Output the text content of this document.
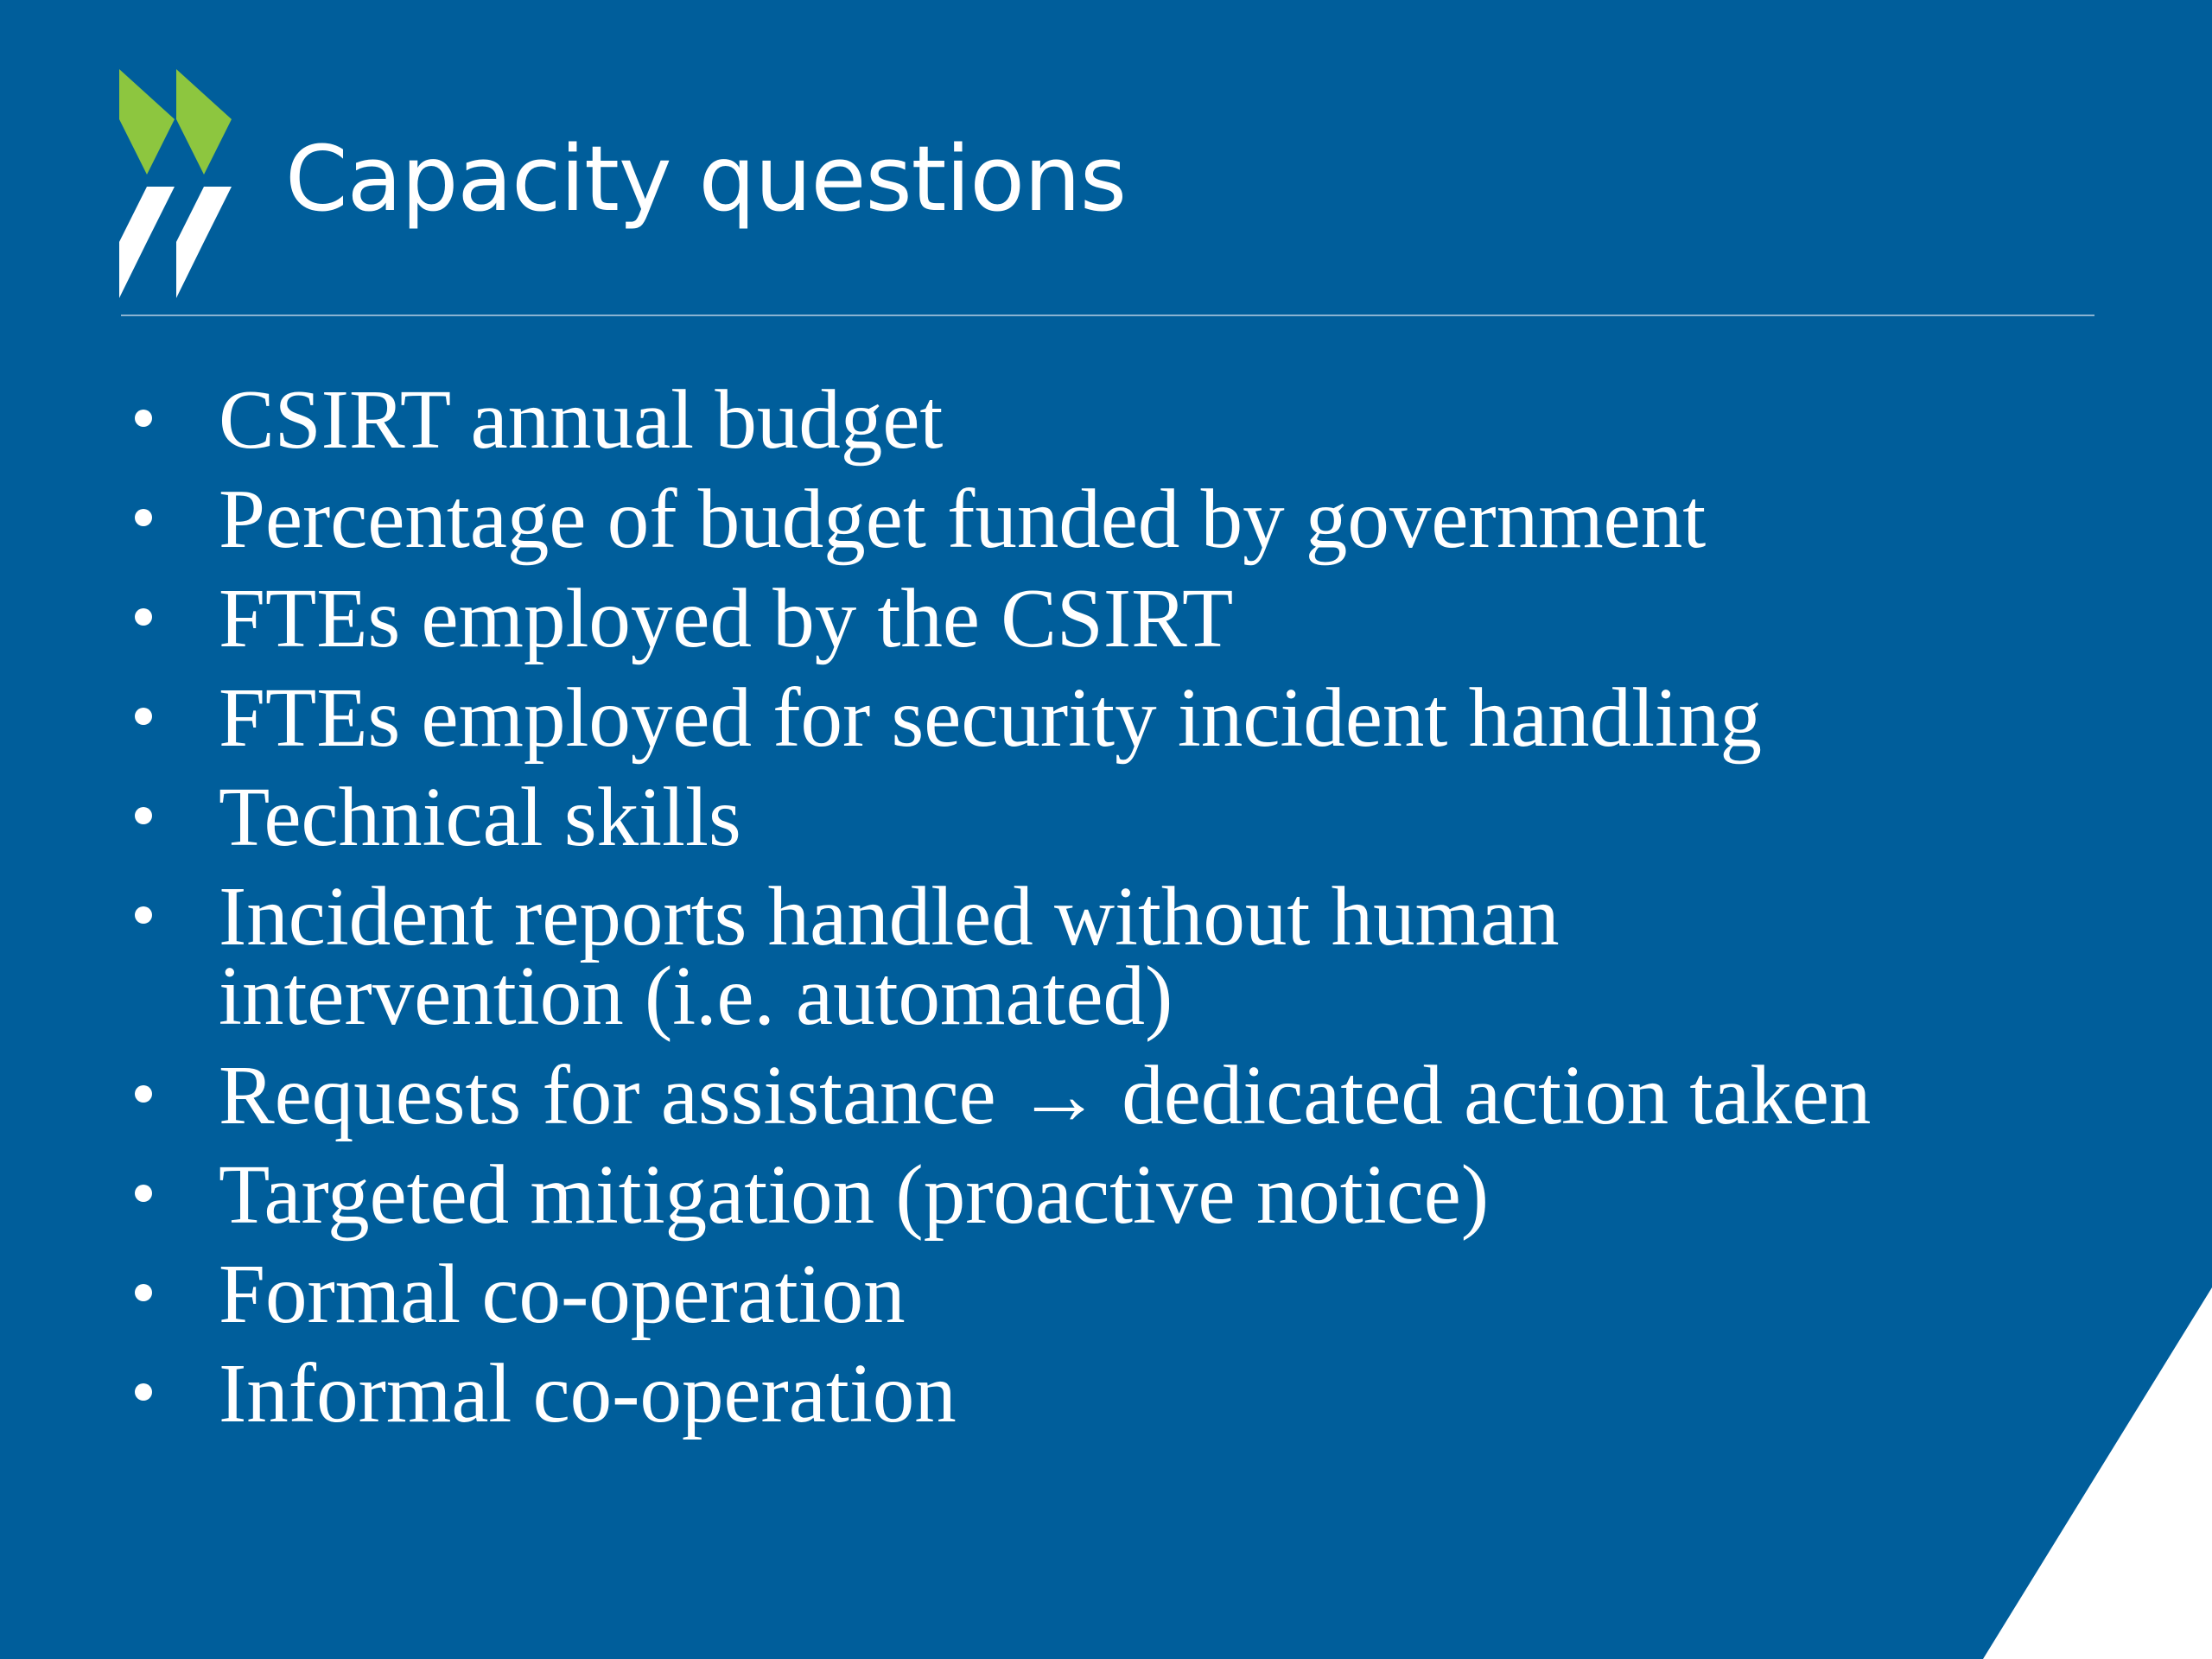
Capacity questions
CSIRT annual budget
Percentage of budget funded by government
FTEs employed by the CSIRT
FTEs employed for security incident handling
Technical skills
Incident reports handled without human intervention (i.e. automated)
Requests for assistance → dedicated action taken
Targeted mitigation (proactive notice)
Formal co-operation
Informal co-operation
